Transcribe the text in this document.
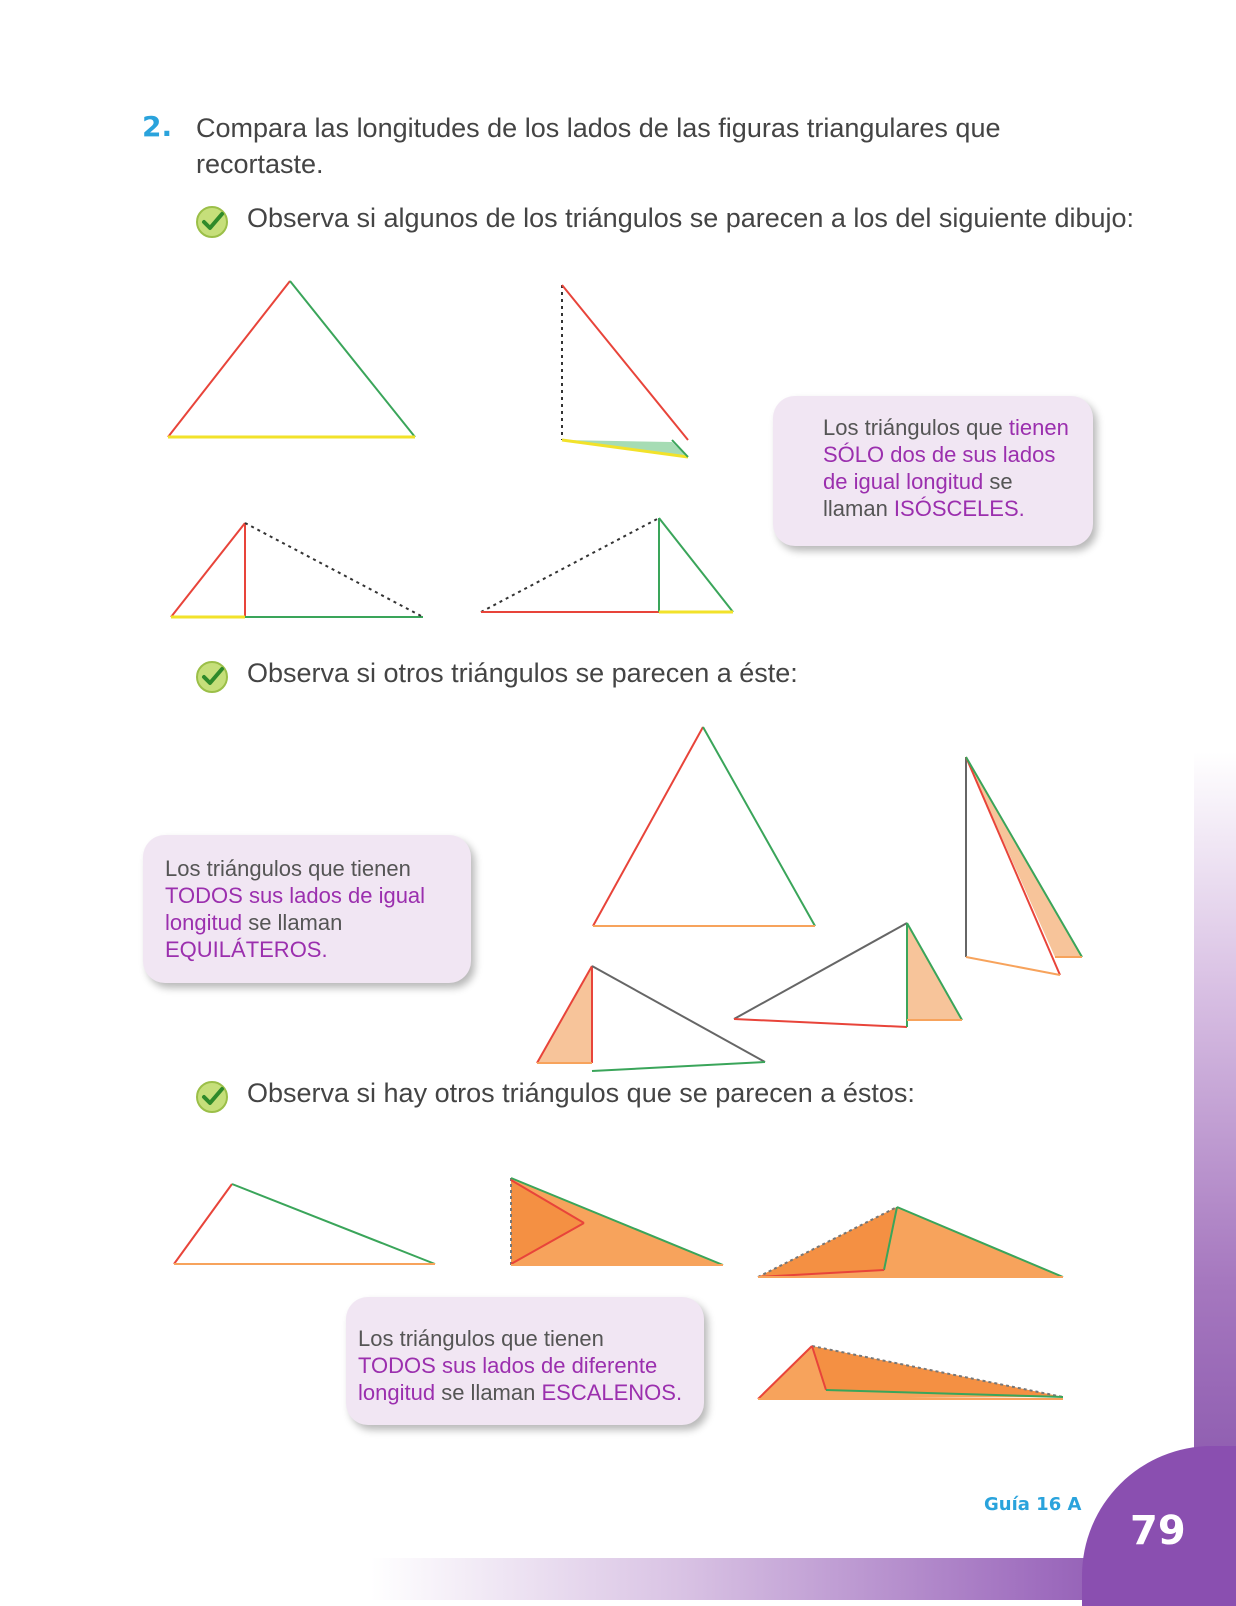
2. Compara las longitudes de los lados de las figuras triangulares que recortaste.
Observa si algunos de los triángulos se parecen a los del siguiente dibujo:
Observa si otros triángulos se parecen a éste:
Observa si hay otros triángulos que se parecen a éstos:
Los triángulos que tienen SÓLO dos de sus lados de igual longitud se llaman ISÓSCELES.
Los triángulos que tienen TODOS sus lados de igual longitud se llaman EQUILÁTEROS.
Los triángulos que tienen TODOS sus lados de diferente longitud se llaman ESCALENOS.
Guía 16 A
79
